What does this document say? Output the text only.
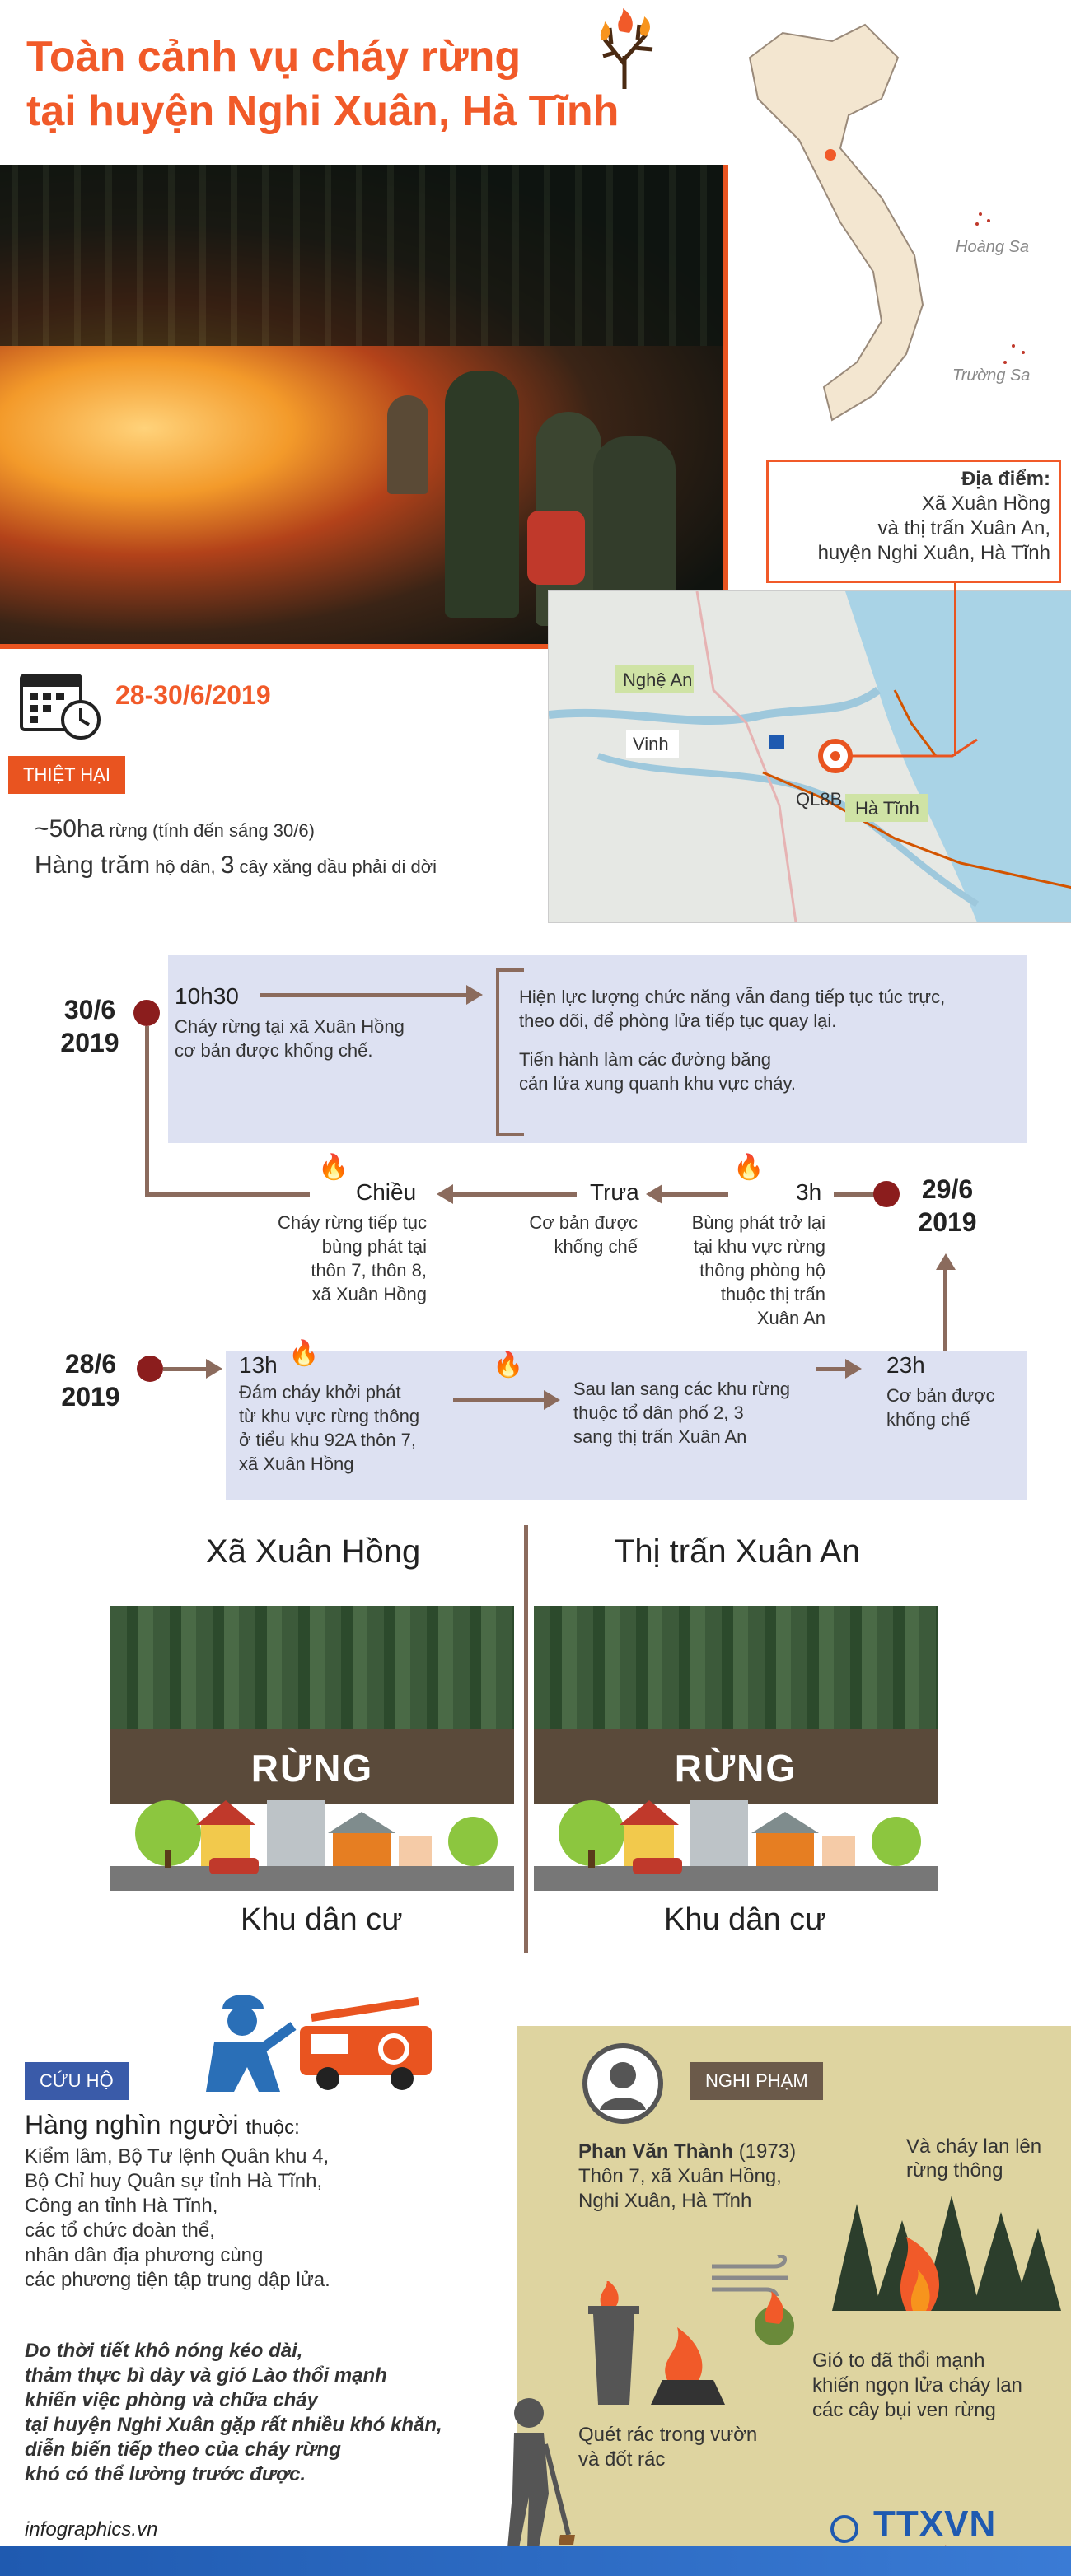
Toàn cảnh vụ cháy rừng
tại huyện Nghi Xuân, Hà Tĩnh
Hoàng Sa
Trường Sa
Địa điểm:
Xã Xuân Hồng
và thị trấn Xuân An,
huyện Nghi Xuân, Hà Tĩnh
Nghệ An
Vinh
QL8B Hà Tĩnh
28-30/6/2019
THIỆT HẠI
~50ha rừng (tính đến sáng 30/6)
Hàng trăm hộ dân, 3 cây xăng dầu phải di dời
30/6
2019
10h30
Cháy rừng tại xã Xuân Hồng
cơ bản được khống chế.
Hiện lực lượng chức năng vẫn đang tiếp tục túc trực,
theo dõi, để phòng lửa tiếp tục quay lại.
Tiến hành làm các đường băng
cản lửa xung quanh khu vực cháy.
🔥
Chiều
Cháy rừng tiếp tục
bùng phát tại
thôn 7, thôn 8,
xã Xuân Hồng
Trưa
Cơ bản được
khống chế
🔥
3h
Bùng phát trở lại
tại khu vực rừng
thông phòng hộ
thuộc thị trấn
Xuân An
29/6
2019
28/6
2019
13h 🔥
Đám cháy khởi phát
từ khu vực rừng thông
ở tiểu khu 92A thôn 7,
xã Xuân Hồng
🔥
Sau lan sang các khu rừng
thuộc tổ dân phố 2, 3
sang thị trấn Xuân An
23h
Cơ bản được
khống chế
Xã Xuân Hồng	Thị trấn Xuân An
RỪNG	RỪNG
Khu dân cư	Khu dân cư
CỨU HỘ
Hàng nghìn người thuộc:
Kiểm lâm, Bộ Tư lệnh Quân khu 4,
Bộ Chỉ huy Quân sự tỉnh Hà Tĩnh,
Công an tỉnh Hà Tĩnh,
các tổ chức đoàn thể,
nhân dân địa phương cùng
các phương tiện tập trung dập lửa.
Do thời tiết khô nóng kéo dài,
thảm thực bì dày và gió Lào thổi mạnh
khiến việc phòng và chữa cháy
tại huyện Nghi Xuân gặp rất nhiều khó khăn,
diễn biến tiếp theo của cháy rừng
khó có thể lường trước được.
NGHI PHẠM
Phan Văn Thành (1973)
Thôn 7, xã Xuân Hồng,
Nghi Xuân, Hà Tĩnh
Và cháy lan lên
rừng thông
Gió to đã thổi mạnh
khiến ngọn lửa cháy lan
các cây bụi ven rừng
Quét rác trong vườn
và đốt rác
infographics.vn	TTXVN
